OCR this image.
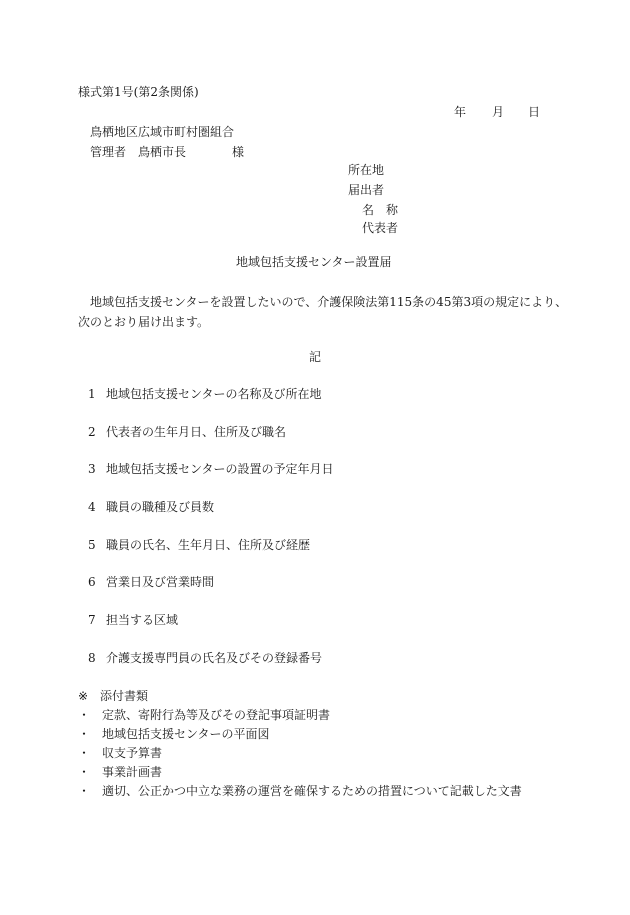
様式第1号(第2条関係)
年 月 日
鳥栖地区広域市町村圏組合
管理者　鳥栖市長	様
所在地
届出者
名　称
代表者
地域包括支援センター設置届
地域包括支援センターを設置したいので、介護保険法第115条の45第3項の規定により、
次のとおり届け出ます。
記
1 地域包括支援センターの名称及び所在地
2 代表者の生年月日、住所及び職名
3 地域包括支援センターの設置の予定年月日
4 職員の職種及び員数
5 職員の氏名、生年月日、住所及び経歴
6 営業日及び営業時間
7 担当する区域
8 介護支援専門員の氏名及びその登録番号
※ 添付書類
・ 定款、寄附行為等及びその登記事項証明書
・ 地域包括支援センターの平面図
・ 収支予算書
・ 事業計画書
・ 適切、公正かつ中立な業務の運営を確保するための措置について記載した文書
